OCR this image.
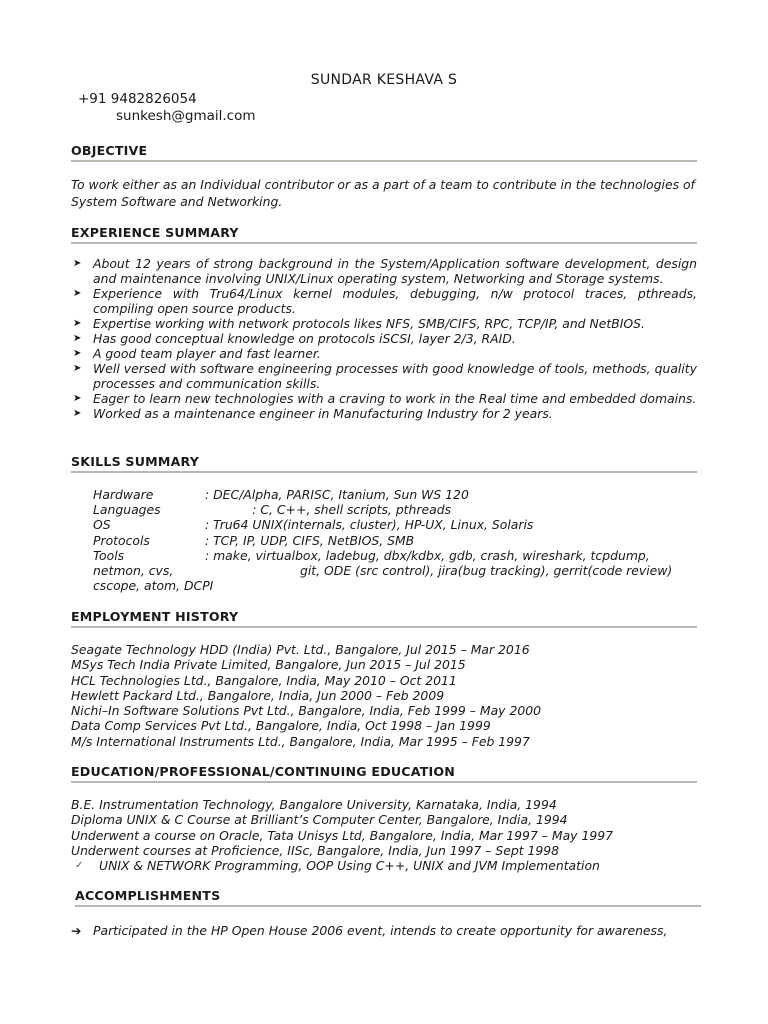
SUNDAR KESHAVA S
+91 9482826054
sunkesh@gmail.com
OBJECTIVE
To work either as an Individual contributor or as a part of a team to contribute in the technologies of System Software and Networking.
EXPERIENCE SUMMARY
➤ About 12 years of strong background in the System/Application software development, design and maintenance involving UNIX/Linux operating system, Networking and Storage systems.
➤ Experience with Tru64/Linux kernel modules, debugging, n/w protocol traces, pthreads, compiling open source products.
➤ Expertise working with network protocols likes NFS, SMB/CIFS, RPC, TCP/IP, and NetBIOS.
➤ Has good conceptual knowledge on protocols iSCSI, layer 2/3, RAID.
➤ A good team player and fast learner.
➤ Well versed with software engineering processes with good knowledge of tools, methods, quality processes and communication skills.
➤ Eager to learn new technologies with a craving to work in the Real time and embedded domains.
➤ Worked as a maintenance engineer in Manufacturing Industry for 2 years.
SKILLS SUMMARY
Hardware	: DEC/Alpha, PARISC, Itanium, Sun WS 120
Languages	: C, C++, shell scripts, pthreads
OS	: Tru64 UNIX(internals, cluster), HP-UX, Linux, Solaris
Protocols	: TCP, IP, UDP, CIFS, NetBIOS, SMB
Tools	: make, virtualbox, ladebug, dbx/kdbx, gdb, crash, wireshark, tcpdump,
netmon, cvs,	git, ODE (src control), jira(bug tracking), gerrit(code review)
cscope, atom, DCPI
EMPLOYMENT HISTORY
Seagate Technology HDD (India) Pvt. Ltd., Bangalore, Jul 2015 – Mar 2016
MSys Tech India Private Limited, Bangalore, Jun 2015 – Jul 2015
HCL Technologies Ltd., Bangalore, India, May 2010 – Oct 2011
Hewlett Packard Ltd., Bangalore, India, Jun 2000 – Feb 2009
Nichi–In Software Solutions Pvt Ltd., Bangalore, India, Feb 1999 – May 2000
Data Comp Services Pvt Ltd., Bangalore, India, Oct 1998 – Jan 1999
M/s International Instruments Ltd., Bangalore, India, Mar 1995 – Feb 1997
EDUCATION/PROFESSIONAL/CONTINUING EDUCATION
B.E. Instrumentation Technology, Bangalore University, Karnataka, India, 1994
Diploma UNIX & C Course at Brilliant’s Computer Center, Bangalore, India, 1994
Underwent a course on Oracle, Tata Unisys Ltd, Bangalore, India, Mar 1997 – May 1997
Underwent courses at Proficience, IISc, Bangalore, India, Jun 1997 – Sept 1998
✓ UNIX & NETWORK Programming, OOP Using C++, UNIX and JVM Implementation
ACCOMPLISHMENTS
➔ Participated in the HP Open House 2006 event, intends to create opportunity for awareness,
